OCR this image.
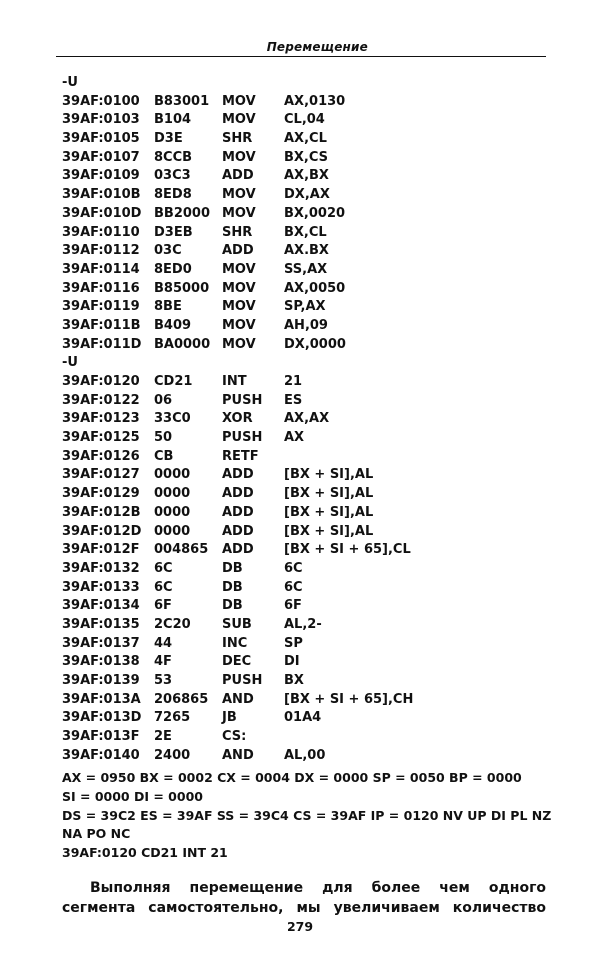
Перемещение
-U
39AF:0100 B83001 MOV AX,0130
39AF:0103 B104 MOV CL,04
39AF:0105 D3E	SHR AX,CL
39AF:0107 8CCB MOV BX,CS
39AF:0109 03C3 ADD AX,BX
39AF:010B 8ED8 MOV DX,AX
39AF:010D BB2000 MOV BX,0020
39AF:0110 D3EB SHR BX,CL
39AF:0112 03C	ADD AX.BX
39AF:0114 8ED0 MOV SS,AX
39AF:0116 B85000 MOV AX,0050
39AF:0119 8BE	MOV SP,AX
39AF:011B B409 MOV AH,09
39AF:011D BA0000 MOV DX,0000
-U
39AF:0120 CD21 INT	21
39AF:0122 06	PUSH ES
39AF:0123 33C0 XOR AX,AX
39AF:0125 50	PUSH AX
39AF:0126 CB	RETF
39AF:0127 0000 ADD [BX + SI],AL
39AF:0129 0000 ADD [BX + SI],AL
39AF:012B 0000 ADD [BX + SI],AL
39AF:012D 0000 ADD [BX + SI],AL
39AF:012F 004865 ADD [BX + SI + 65],CL
39AF:0132 6C	DB	6C
39AF:0133 6C	DB	6C
39AF:0134 6F	DB	6F
39AF:0135 2C20 SUB AL,2-
39AF:0137 44	INC	SP
39AF:0138 4F	DEC	DI
39AF:0139 53	PUSH BX
39AF:013A 206865 AND [BX + SI + 65],CH
39AF:013D 7265 JB	01A4
39AF:013F 2E	CS:
39AF:0140 2400 AND AL,00
AX = 0950 BX = 0002 CX = 0004 DX = 0000 SP = 0050 BP = 0000
SI = 0000 DI = 0000
DS = 39C2 ES = 39AF SS = 39C4 CS = 39AF IP = 0120 NV UP DI PL NZ
NA PO NC
39AF:0120 CD21 INT 21
Выполняя перемещение для более чем одного
сегмента самостоятельно, мы увеличиваем количество
279
